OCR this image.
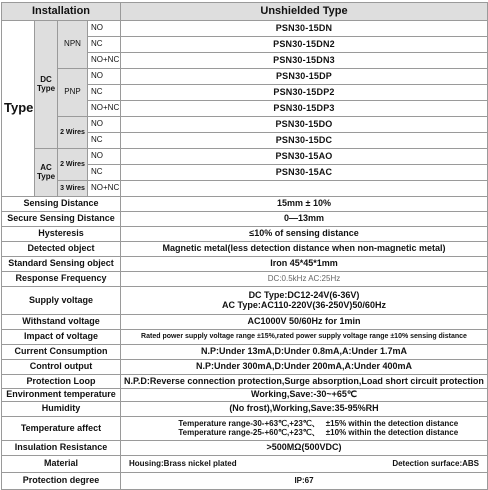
Installation				Unshielded Type
Type	DC Type	NPN	NO	PSN30-15DN
			NC	PSN30-15DN2
			NO+NC	PSN30-15DN3
		PNP	NO	PSN30-15DP
			NC	PSN30-15DP2
			NO+NC	PSN30-15DP3
		2 Wires	NO	PSN30-15DO
			NC	PSN30-15DC
	AC Type	2 Wires	NO	PSN30-15AO
			NC	PSN30-15AC
		3 Wires	NO+NC	
Sensing Distance				15mm ± 10%
Secure Sensing Distance				0—13mm
Hysteresis				≤10% of sensing distance
Detected object				Magnetic metal(less detection distance when non-magnetic metal)
Standard Sensing object				Iron 45*45*1mm
Response Frequency				DC:0.5kHz AC:25Hz
Supply voltage				DC Type:DC12-24V(6-36V)
AC Type:AC110-220V(36-250V)50/60Hz

Withstand voltage				AC1000V 50/60Hz for 1min
Impact of voltage				Rated power supply voltage range ±15%,rated power supply voltage range ±10% sensing distance
Current Consumption				N.P:Under 13mA,D:Under 0.8mA,A:Under 1.7mA
Control output				N.P:Under 300mA,D:Under 200mA,A:Under 400mA
Protection Loop				N.P.D:Reverse connection protection,Surge absorption,Load short circuit protection
Environment temperature				Working,Save:-30~+65℃
Humidity				(No frost),Working,Save:35-95%RH
Temperature affect				Temperature range-30-+63℃,+23℃、 ±15% within the detection distance
Temperature range-25-+60℃,+23℃、 ±10% within the detection distance

Insulation Resistance				>500MΩ(500VDC)
Material				Housing:Brass nickel plated Detection surface:ABS

Protection degree				IP:67
